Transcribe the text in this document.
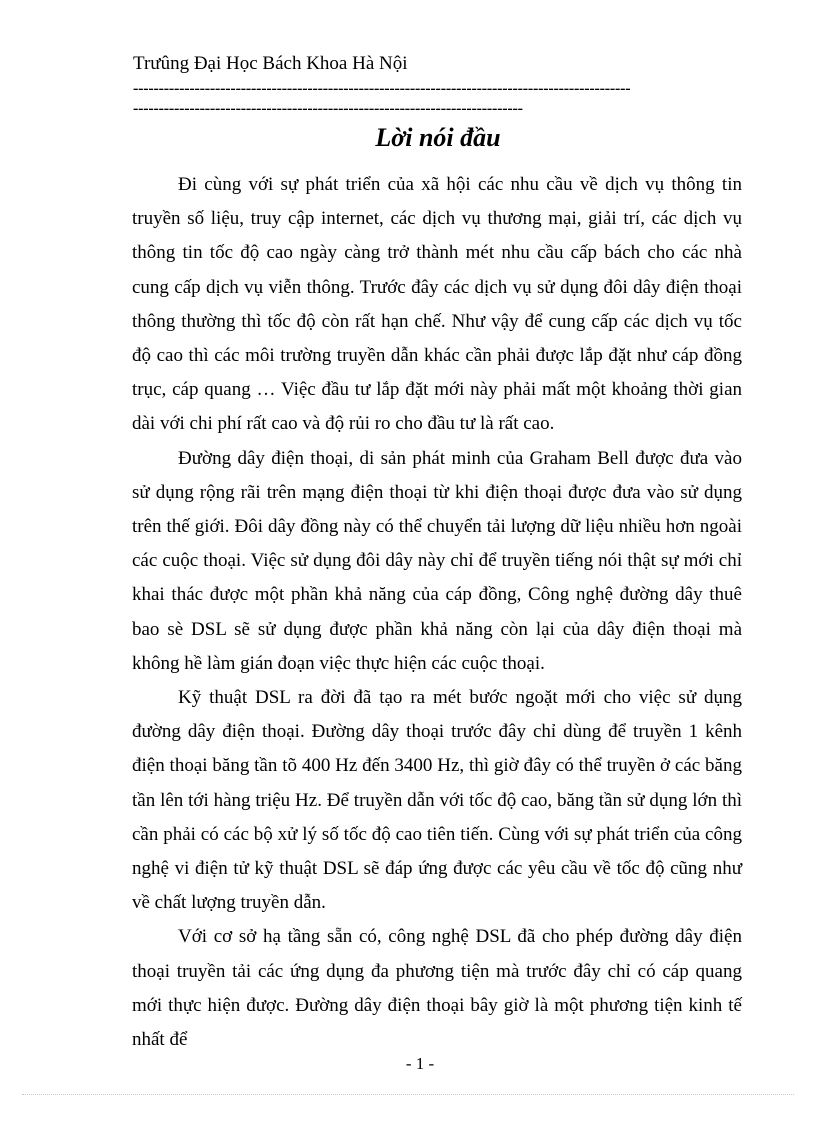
Trưûng Đại Học Bách Khoa Hà Nội
-------------------------------------------------------------------------------------------------
----------------------------------------------------------------------------
Lời nói đầu

Đi cùng với sự phát triển của xã hội các nhu cầu về dịch vụ thông tin truyền số liệu, truy cập internet, các dịch vụ thương mại, giải trí, các dịch vụ thông tin tốc độ cao ngày càng trở thành mét nhu cầu cấp bách cho các nhà cung cấp dịch vụ viễn thông. Trước đây các dịch vụ sử dụng đôi dây điện thoại thông thường thì tốc độ còn rất hạn chế. Như vậy để cung cấp các dịch vụ tốc độ cao thì các môi trường truyền dẫn khác cần phải được lắp đặt như cáp đồng trục, cáp quang … Việc đầu tư lắp đặt mới này phải mất một khoảng thời gian dài với chi phí rất cao và độ rủi ro cho đầu tư là rất cao.

Đường dây điện thoại, di sản phát minh của Graham Bell được đưa vào sử dụng rộng rãi trên mạng điện thoại từ khi điện thoại được đưa vào sử dụng trên thế giới. Đôi dây đồng này có thể chuyển tải lượng dữ liệu nhiều hơn ngoài các cuộc thoại. Việc sử dụng đôi dây này chỉ để truyền tiếng nói thật sự mới chỉ khai thác được một phần khả năng của cáp đồng, Công nghệ đường dây thuê bao sè DSL sẽ sử dụng được phần khả năng còn lại của dây điện thoại mà không hề làm gián đoạn việc thực hiện các cuộc thoại.

Kỹ thuật DSL ra đời đã tạo ra mét bước ngoặt mới cho việc sử dụng đường dây điện thoại. Đường dây thoại trước đây chỉ dùng để truyền 1 kênh điện thoại băng tần tõ 400 Hz đến 3400 Hz, thì giờ đây có thể truyền ở các băng tần lên tới hàng triệu Hz. Để truyền dẫn với tốc độ cao, băng tần sử dụng lớn thì cần phải có các bộ xử lý số tốc độ cao tiên tiến. Cùng với sự phát triển của công nghệ vi điện tử kỹ thuật DSL sẽ đáp ứng được các yêu cầu về tốc độ cũng như về chất lượng truyền dẫn.

Với cơ sở hạ tầng sẵn có, công nghệ DSL đã cho phép đường dây điện thoại truyền tải các ứng dụng đa phương tiện mà trước đây chỉ có cáp quang mới thực hiện được. Đường dây điện thoại bây giờ là một phương tiện kinh tế nhất để

- 1 -
